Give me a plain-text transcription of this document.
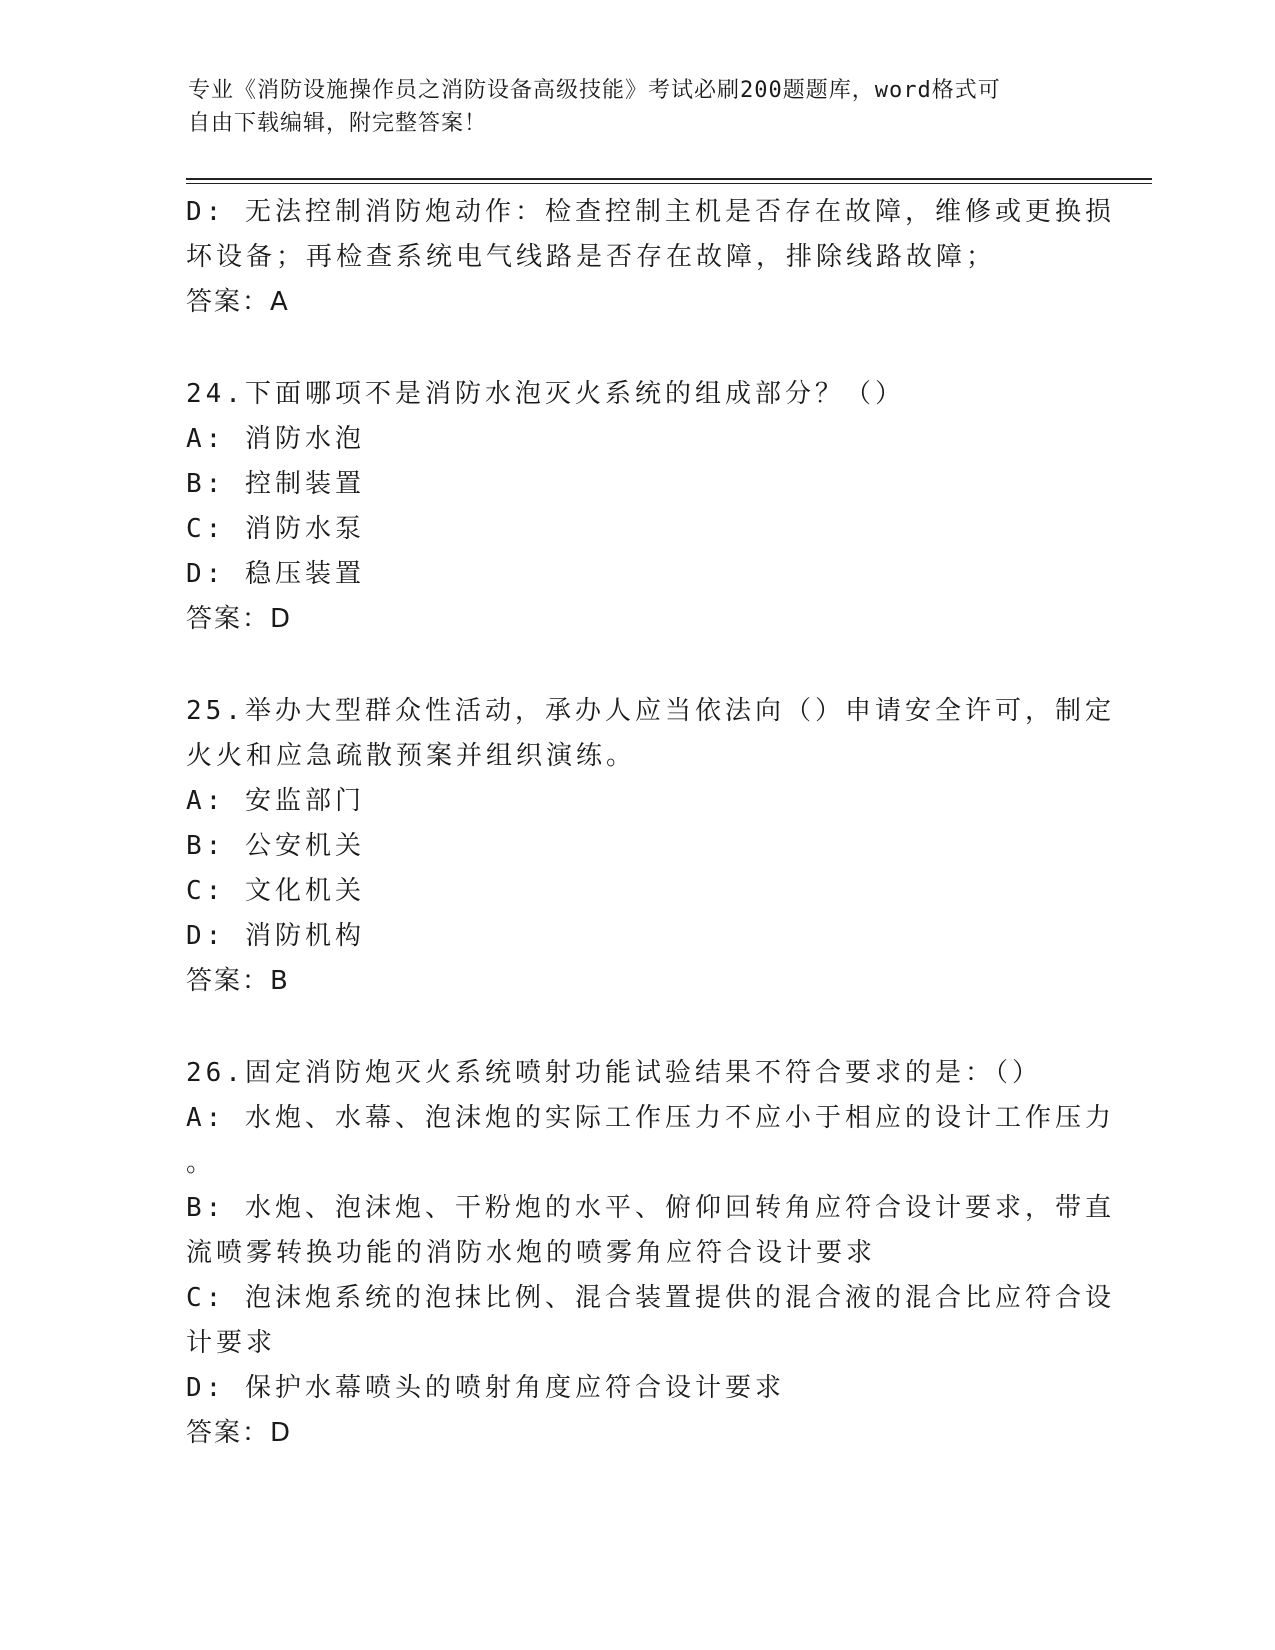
专业《消防设施操作员之消防设备高级技能》考试必刷200题题库，word格式可
自由下载编辑，附完整答案！
D: 无法控制消防炮动作：检查控制主机是否存在故障，维修或更换损
坏设备；再检查系统电气线路是否存在故障，排除线路故障；
答案：A
24.下面哪项不是消防水泡灭火系统的组成部分？（）
A: 消防水泡
B: 控制装置
C: 消防水泵
D: 稳压装置
答案：D
25.举办大型群众性活动，承办人应当依法向（）申请安全许可，制定
火火和应急疏散预案并组织演练。
A: 安监部门
B: 公安机关
C: 文化机关
D: 消防机构
答案：B
26.固定消防炮灭火系统喷射功能试验结果不符合要求的是：（）
A: 水炮、水幕、泡沫炮的实际工作压力不应小于相应的设计工作压力
。
B: 水炮、泡沫炮、干粉炮的水平、俯仰回转角应符合设计要求，带直
流喷雾转换功能的消防水炮的喷雾角应符合设计要求
C: 泡沫炮系统的泡抹比例、混合装置提供的混合液的混合比应符合设
计要求
D: 保护水幕喷头的喷射角度应符合设计要求
答案：D
